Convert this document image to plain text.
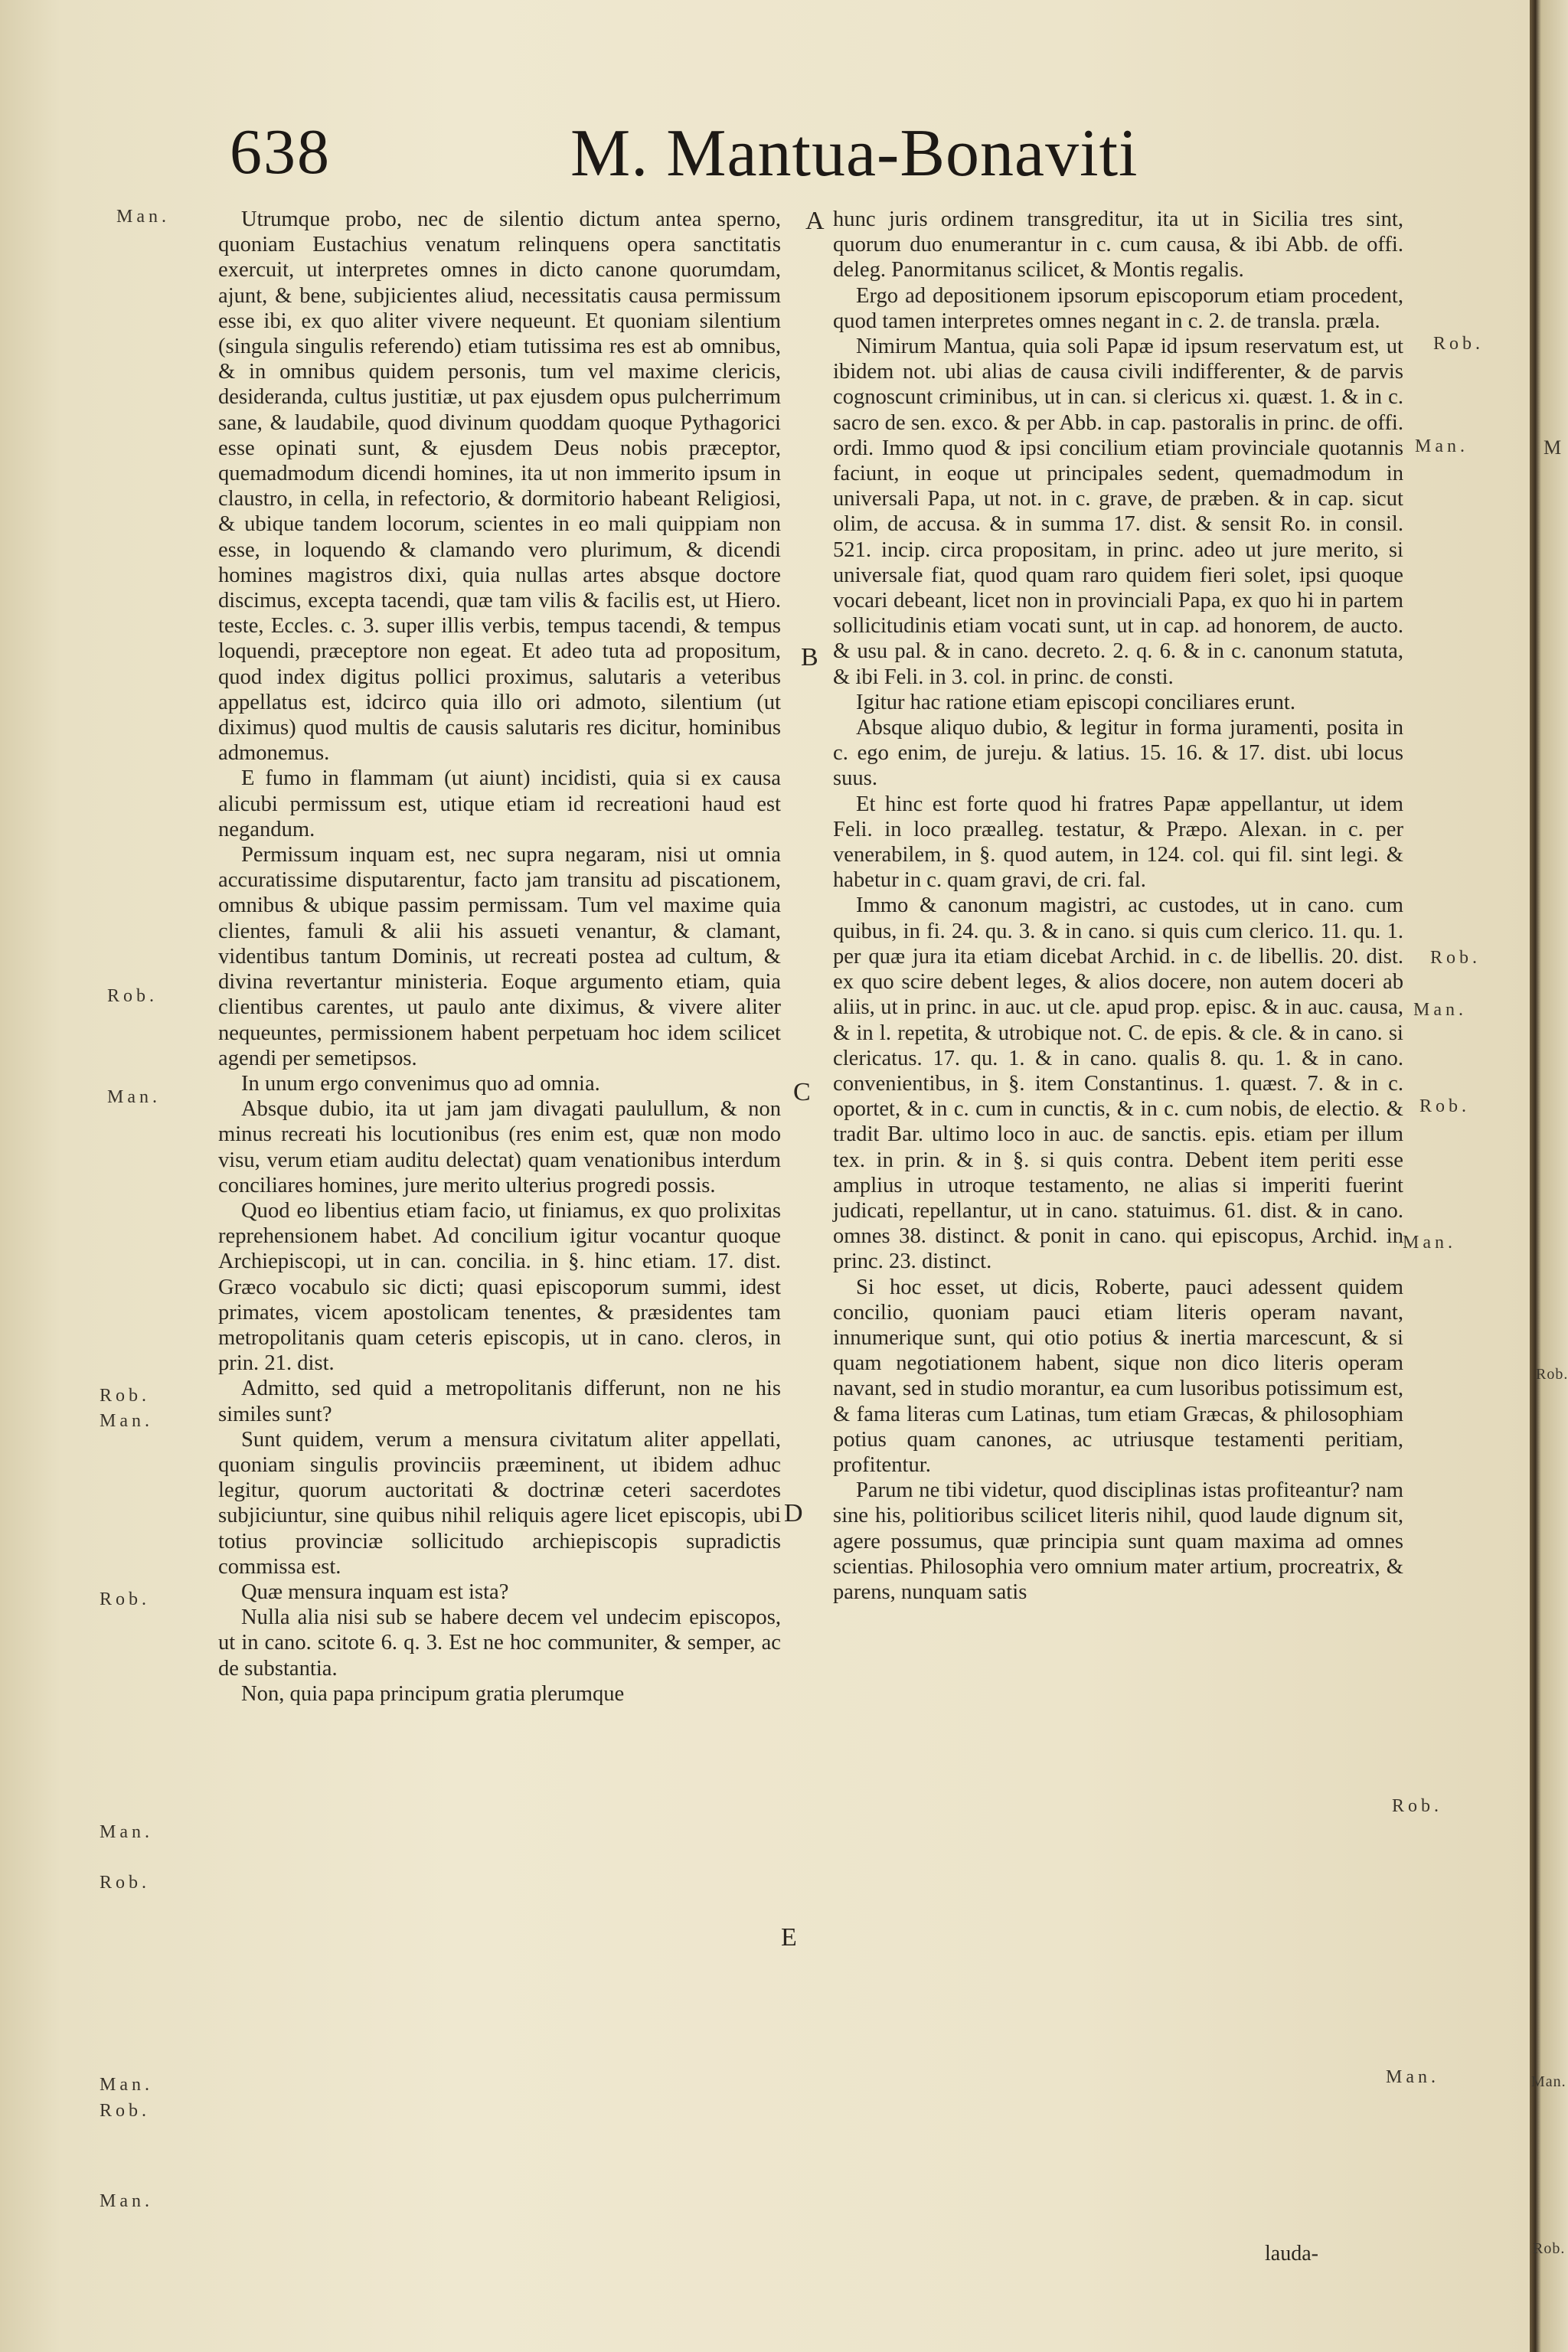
638	M. Mantua-Bonaviti
Man.
Rob.
Man.
Rob.
Man.
Rob.
Man.
Rob.
Man.
Rob.
Man.
A
B
C
D
E
Rob.
Man.
Rob.
Man.
Rob.
Man.
Rob.
Man.

Utrumque probo, nec de silentio dictum antea sperno, quoniam Eustachius venatum relinquens opera sanctitatis exercuit, ut interpretes omnes in dicto canone quorumdam, ajunt, & bene, subjicientes aliud, necessitatis causa permissum esse ibi, ex quo aliter vivere nequeunt. Et quoniam silentium (singula singulis referendo) etiam tutissima res est ab omnibus, & in omnibus quidem personis, tum vel maxime clericis, desideranda, cultus justitiæ, ut pax ejusdem opus pulcherrimum sane, & laudabile, quod divinum quoddam quoque Pythagorici esse opinati sunt, & ejusdem Deus nobis præceptor, quemadmodum dicendi homines, ita ut non immerito ipsum in claustro, in cella, in refectorio, & dormitorio habeant Religiosi, & ubique tandem locorum, scientes in eo mali quippiam non esse, in loquendo & clamando vero plurimum, & dicendi homines magistros dixi, quia nullas artes absque doctore discimus, excepta tacendi, quæ tam vilis & facilis est, ut Hiero. teste, Eccles. c. 3. super illis verbis, tempus tacendi, & tempus loquendi, præceptore non egeat. Et adeo tuta ad propositum, quod index digitus pollici proximus, salutaris a veteribus appellatus est, idcirco quia illo ori admoto, silentium (ut diximus) quod multis de causis salutaris res dicitur, hominibus admonemus.

E fumo in flammam (ut aiunt) incidisti, quia si ex causa alicubi permissum est, utique etiam id recreationi haud est negandum.

Permissum inquam est, nec supra negaram, nisi ut omnia accuratissime disputarentur, facto jam transitu ad piscationem, omnibus & ubique passim permissam. Tum vel maxime quia clientes, famuli & alii his assueti venantur, & clamant, videntibus tantum Dominis, ut recreati postea ad cultum, & divina revertantur ministeria. Eoque argumento etiam, quia clientibus carentes, ut paulo ante diximus, & vivere aliter nequeuntes, permissionem habent perpetuam hoc idem scilicet agendi per semetipsos.

In unum ergo convenimus quo ad omnia.

Absque dubio, ita ut jam jam divagati paulullum, & non minus recreati his locutionibus (res enim est, quæ non modo visu, verum etiam auditu delectat) quam venationibus interdum conciliares homines, jure merito ulterius progredi possis.

Quod eo libentius etiam facio, ut finiamus, ex quo prolixitas reprehensionem habet. Ad concilium igitur vocantur quoque Archiepiscopi, ut in can. concilia. in §. hinc etiam. 17. dist. Græco vocabulo sic dicti; quasi episcoporum summi, idest primates, vicem apostolicam tenentes, & præsidentes tam metropolitanis quam ceteris episcopis, ut in cano. cleros, in prin. 21. dist.

Admitto, sed quid a metropolitanis differunt, non ne his similes sunt?

Sunt quidem, verum a mensura civitatum aliter appellati, quoniam singulis provinciis præeminent, ut ibidem adhuc legitur, quorum auctoritati & doctrinæ ceteri sacerdotes subjiciuntur, sine quibus nihil reliquis agere licet episcopis, ubi totius provinciæ sollicitudo archiepiscopis supradictis commissa est.

Quæ mensura inquam est ista?

Nulla alia nisi sub se habere decem vel undecim episcopos, ut in cano. scitote 6. q. 3. Est ne hoc communiter, & semper, ac de substantia.

Non, quia papa principum gratia plerumque

hunc juris ordinem transgreditur, ita ut in Sicilia tres sint, quorum duo enumerantur in c. cum causa, & ibi Abb. de offi. deleg. Panormitanus scilicet, & Montis regalis.

Ergo ad depositionem ipsorum episcoporum etiam procedent, quod tamen interpretes omnes negant in c. 2. de transla. præla.

Nimirum Mantua, quia soli Papæ id ipsum reservatum est, ut ibidem not. ubi alias de causa civili indifferenter, & de parvis cognoscunt criminibus, ut in can. si clericus xi. quæst. 1. & in c. sacro de sen. exco. & per Abb. in cap. pastoralis in princ. de offi. ordi. Immo quod & ipsi concilium etiam provinciale quotannis faciunt, in eoque ut principales sedent, quemadmodum in universali Papa, ut not. in c. grave, de præben. & in cap. sicut olim, de accusa. & in summa 17. dist. & sensit Ro. in consil. 521. incip. circa propositam, in princ. adeo ut jure merito, si universale fiat, quod quam raro quidem fieri solet, ipsi quoque vocari debeant, licet non in provinciali Papa, ex quo hi in partem sollicitudinis etiam vocati sunt, ut in cap. ad honorem, de aucto. & usu pal. & in cano. decreto. 2. q. 6. & in c. canonum statuta, & ibi Feli. in 3. col. in princ. de consti.

Igitur hac ratione etiam episcopi conciliares erunt.

Absque aliquo dubio, & legitur in forma juramenti, posita in c. ego enim, de jureju. & latius. 15. 16. & 17. dist. ubi locus suus.

Et hinc est forte quod hi fratres Papæ appellantur, ut idem Feli. in loco præalleg. testatur, & Præpo. Alexan. in c. per venerabilem, in §. quod autem, in 124. col. qui fil. sint legi. & habetur in c. quam gravi, de cri. fal.

Immo & canonum magistri, ac custodes, ut in cano. cum quibus, in fi. 24. qu. 3. & in cano. si quis cum clerico. 11. qu. 1. per quæ jura ita etiam dicebat Archid. in c. de libellis. 20. dist. ex quo scire debent leges, & alios docere, non autem doceri ab aliis, ut in princ. in auc. ut cle. apud prop. episc. & in auc. causa, & in l. repetita, & utrobique not. C. de epis. & cle. & in cano. si clericatus. 17. qu. 1. & in cano. qualis 8. qu. 1. & in cano. convenientibus, in §. item Constantinus. 1. quæst. 7. & in c. oportet, & in c. cum in cunctis, & in c. cum nobis, de electio. & tradit Bar. ultimo loco in auc. de sanctis. epis. etiam per illum tex. in prin. & in §. si quis contra. Debent item periti esse amplius in utroque testamento, ne alias si imperiti fuerint judicati, repellantur, ut in cano. statuimus. 61. dist. & in cano. omnes 38. distinct. & ponit in cano. qui episcopus, Archid. in princ. 23. distinct.

Si hoc esset, ut dicis, Roberte, pauci adessent quidem concilio, quoniam pauci etiam literis operam navant, innumerique sunt, qui otio potius & inertia marcescunt, & si quam negotiationem habent, sique non dico literis operam navant, sed in studio morantur, ea cum lusoribus potissimum est, & fama literas cum Latinas, tum etiam Græcas, & philosophiam potius quam canones, ac utriusque testamenti peritiam, profitentur.

Parum ne tibi videtur, quod disciplinas istas profiteantur? nam sine his, politioribus scilicet literis nihil, quod laude dignum sit, agere possumus, quæ principia sunt quam maxima ad omnes scientias. Philosophia vero omnium mater artium, procreatrix, & parens, nunquam satis

lauda-
M
Rob.
Man.
Rob.
